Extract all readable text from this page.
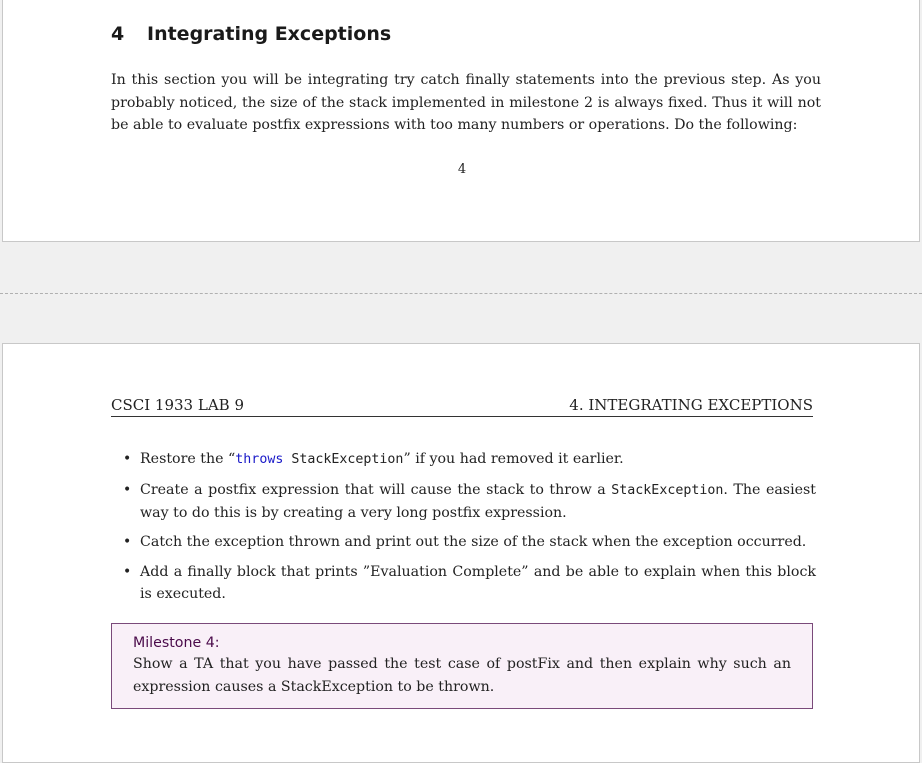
4 Integrating Exceptions
In this section you will be integrating try catch finally statements into the previous step. As you probably noticed, the size of the stack implemented in milestone 2 is always fixed. Thus it will not be able to evaluate postfix expressions with too many numbers or operations. Do the following:
4
CSCI 1933 LAB 9	4. INTEGRATING EXCEPTIONS
• Restore the “throws StackException” if you had removed it earlier.
• Create a postfix expression that will cause the stack to throw a StackException. The easiest way to do this is by creating a very long postfix expression.
• Catch the exception thrown and print out the size of the stack when the exception occurred.
• Add a finally block that prints ”Evaluation Complete” and be able to explain when this block is executed.
Milestone 4:
Show a TA that you have passed the test case of postFix and then explain why such an expression causes a StackException to be thrown.
